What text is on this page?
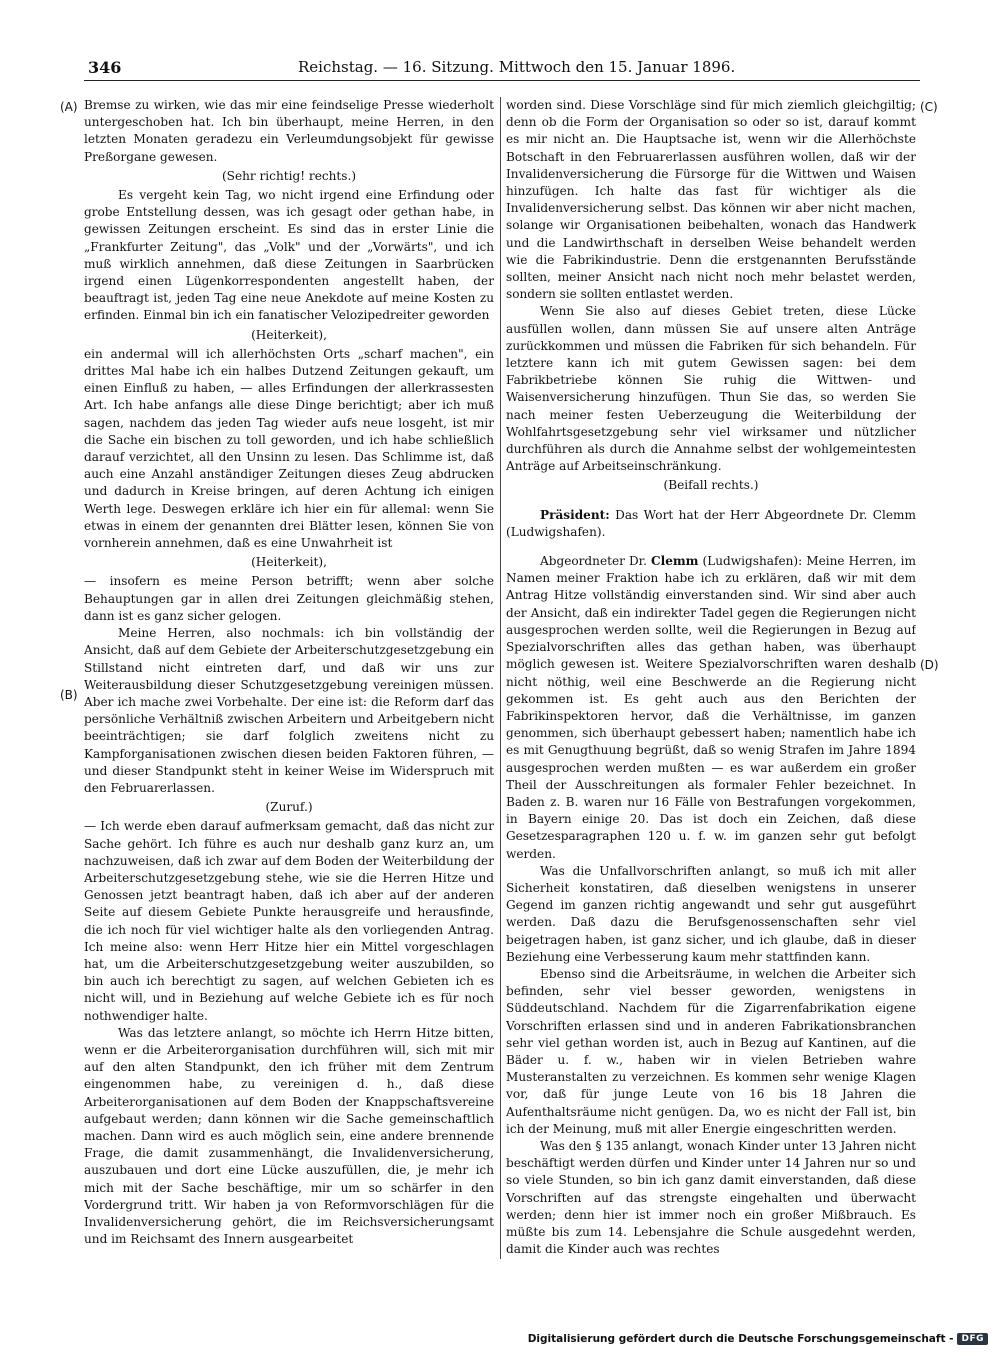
346	Reichstag. — 16. Sitzung. Mittwoch den 15. Januar 1896.
(A)
(B)
(C)
(D)

Bremse zu wirken, wie das mir eine feindselige Presse wiederholt untergeschoben hat. Ich bin überhaupt, meine Herren, in den letzten Monaten geradezu ein Verleumdungsobjekt für gewisse Preßorgane gewesen.

(Sehr richtig! rechts.)

Es vergeht kein Tag, wo nicht irgend eine Erfindung oder grobe Entstellung dessen, was ich gesagt oder gethan habe, in gewissen Zeitungen erscheint. Es sind das in erster Linie die „Frankfurter Zeitung", das „Volk" und der „Vorwärts", und ich muß wirklich annehmen, daß diese Zeitungen in Saarbrücken irgend einen Lügenkorrespondenten angestellt haben, der beauftragt ist, jeden Tag eine neue Anekdote auf meine Kosten zu erfinden. Einmal bin ich ein fanatischer Velozipedreiter geworden

(Heiterkeit),

ein andermal will ich allerhöchsten Orts „scharf machen", ein drittes Mal habe ich ein halbes Dutzend Zeitungen gekauft, um einen Einfluß zu haben, — alles Erfindungen der allerkrassesten Art. Ich habe anfangs alle diese Dinge berichtigt; aber ich muß sagen, nachdem das jeden Tag wieder aufs neue losgeht, ist mir die Sache ein bischen zu toll geworden, und ich habe schließlich darauf verzichtet, all den Unsinn zu lesen. Das Schlimme ist, daß auch eine Anzahl anständiger Zeitungen dieses Zeug abdrucken und dadurch in Kreise bringen, auf deren Achtung ich einigen Werth lege. Deswegen erkläre ich hier ein für allemal: wenn Sie etwas in einem der genannten drei Blätter lesen, können Sie von vornherein annehmen, daß es eine Unwahrheit ist

(Heiterkeit),

— insofern es meine Person betrifft; wenn aber solche Behauptungen gar in allen drei Zeitungen gleichmäßig stehen, dann ist es ganz sicher gelogen.

Meine Herren, also nochmals: ich bin vollständig der Ansicht, daß auf dem Gebiete der Arbeiterschutzgesetzgebung ein Stillstand nicht eintreten darf, und daß wir uns zur Weiterausbildung dieser Schutzgesetzgebung vereinigen müssen. Aber ich mache zwei Vorbehalte. Der eine ist: die Reform darf das persönliche Verhältniß zwischen Arbeitern und Arbeitgebern nicht beeinträchtigen; sie darf folglich zweitens nicht zu Kampforganisationen zwischen diesen beiden Faktoren führen, — und dieser Standpunkt steht in keiner Weise im Widerspruch mit den Februarerlassen.

(Zuruf.)

— Ich werde eben darauf aufmerksam gemacht, daß das nicht zur Sache gehört. Ich führe es auch nur deshalb ganz kurz an, um nachzuweisen, daß ich zwar auf dem Boden der Weiterbildung der Arbeiterschutzgesetzgebung stehe, wie sie die Herren Hitze und Genossen jetzt beantragt haben, daß ich aber auf der anderen Seite auf diesem Gebiete Punkte herausgreife und herausfinde, die ich noch für viel wichtiger halte als den vorliegenden Antrag. Ich meine also: wenn Herr Hitze hier ein Mittel vorgeschlagen hat, um die Arbeiterschutzgesetzgebung weiter auszubilden, so bin auch ich berechtigt zu sagen, auf welchen Gebieten ich es nicht will, und in Beziehung auf welche Gebiete ich es für noch nothwendiger halte.

Was das letztere anlangt, so möchte ich Herrn Hitze bitten, wenn er die Arbeiterorganisation durchführen will, sich mit mir auf den alten Standpunkt, den ich früher mit dem Zentrum eingenommen habe, zu vereinigen d. h., daß diese Arbeiterorganisationen auf dem Boden der Knappschaftsvereine aufgebaut werden; dann können wir die Sache gemeinschaftlich machen. Dann wird es auch möglich sein, eine andere brennende Frage, die damit zusammenhängt, die Invalidenversicherung, auszubauen und dort eine Lücke auszufüllen, die, je mehr ich mich mit der Sache beschäftige, mir um so schärfer in den Vordergrund tritt. Wir haben ja von Reformvorschlägen für die Invalidenversicherung gehört, die im Reichsversicherungsamt und im Reichsamt des Innern ausgearbeitet

worden sind. Diese Vorschläge sind für mich ziemlich gleichgiltig; denn ob die Form der Organisation so oder so ist, darauf kommt es mir nicht an. Die Hauptsache ist, wenn wir die Allerhöchste Botschaft in den Februarerlassen ausführen wollen, daß wir der Invalidenversicherung die Fürsorge für die Wittwen und Waisen hinzufügen. Ich halte das fast für wichtiger als die Invalidenversicherung selbst. Das können wir aber nicht machen, solange wir Organisationen beibehalten, wonach das Handwerk und die Landwirthschaft in derselben Weise behandelt werden wie die Fabrikindustrie. Denn die erstgenannten Berufsstände sollten, meiner Ansicht nach nicht noch mehr belastet werden, sondern sie sollten entlastet werden.

Wenn Sie also auf dieses Gebiet treten, diese Lücke ausfüllen wollen, dann müssen Sie auf unsere alten Anträge zurückkommen und müssen die Fabriken für sich behandeln. Für letztere kann ich mit gutem Gewissen sagen: bei dem Fabrikbetriebe können Sie ruhig die Wittwen- und Waisenversicherung hinzufügen. Thun Sie das, so werden Sie nach meiner festen Ueberzeugung die Weiterbildung der Wohlfahrtsgesetzgebung sehr viel wirksamer und nützlicher durchführen als durch die Annahme selbst der wohlgemeintesten Anträge auf Arbeitseinschränkung.

(Beifall rechts.)

Präsident: Das Wort hat der Herr Abgeordnete Dr. Clemm (Ludwigshafen).

Abgeordneter Dr. Clemm (Ludwigshafen): Meine Herren, im Namen meiner Fraktion habe ich zu erklären, daß wir mit dem Antrag Hitze vollständig einverstanden sind. Wir sind aber auch der Ansicht, daß ein indirekter Tadel gegen die Regierungen nicht ausgesprochen werden sollte, weil die Regierungen in Bezug auf Spezialvorschriften alles das gethan haben, was überhaupt möglich gewesen ist. Weitere Spezialvorschriften waren deshalb nicht nöthig, weil eine Beschwerde an die Regierung nicht gekommen ist. Es geht auch aus den Berichten der Fabrikinspektoren hervor, daß die Verhältnisse, im ganzen genommen, sich überhaupt gebessert haben; namentlich habe ich es mit Genugthuung begrüßt, daß so wenig Strafen im Jahre 1894 ausgesprochen werden mußten — es war außerdem ein großer Theil der Ausschreitungen als formaler Fehler bezeichnet. In Baden z. B. waren nur 16 Fälle von Bestrafungen vorgekommen, in Bayern einige 20. Das ist doch ein Zeichen, daß diese Gesetzesparagraphen 120 u. f. w. im ganzen sehr gut befolgt werden.

Was die Unfallvorschriften anlangt, so muß ich mit aller Sicherheit konstatiren, daß dieselben wenigstens in unserer Gegend im ganzen richtig angewandt und sehr gut ausgeführt werden. Daß dazu die Berufsgenossenschaften sehr viel beigetragen haben, ist ganz sicher, und ich glaube, daß in dieser Beziehung eine Verbesserung kaum mehr stattfinden kann.

Ebenso sind die Arbeitsräume, in welchen die Arbeiter sich befinden, sehr viel besser geworden, wenigstens in Süddeutschland. Nachdem für die Zigarrenfabrikation eigene Vorschriften erlassen sind und in anderen Fabrikationsbranchen sehr viel gethan worden ist, auch in Bezug auf Kantinen, auf die Bäder u. f. w., haben wir in vielen Betrieben wahre Musteranstalten zu verzeichnen. Es kommen sehr wenige Klagen vor, daß für junge Leute von 16 bis 18 Jahren die Aufenthaltsräume nicht genügen. Da, wo es nicht der Fall ist, bin ich der Meinung, muß mit aller Energie eingeschritten werden.

Was den § 135 anlangt, wonach Kinder unter 13 Jahren nicht beschäftigt werden dürfen und Kinder unter 14 Jahren nur so und so viele Stunden, so bin ich ganz damit einverstanden, daß diese Vorschriften auf das strengste eingehalten und überwacht werden; denn hier ist immer noch ein großer Mißbrauch. Es müßte bis zum 14. Lebensjahre die Schule ausgedehnt werden, damit die Kinder auch was rechtes

Digitalisierung gefördert durch die Deutsche Forschungsgemeinschaft - DFG
